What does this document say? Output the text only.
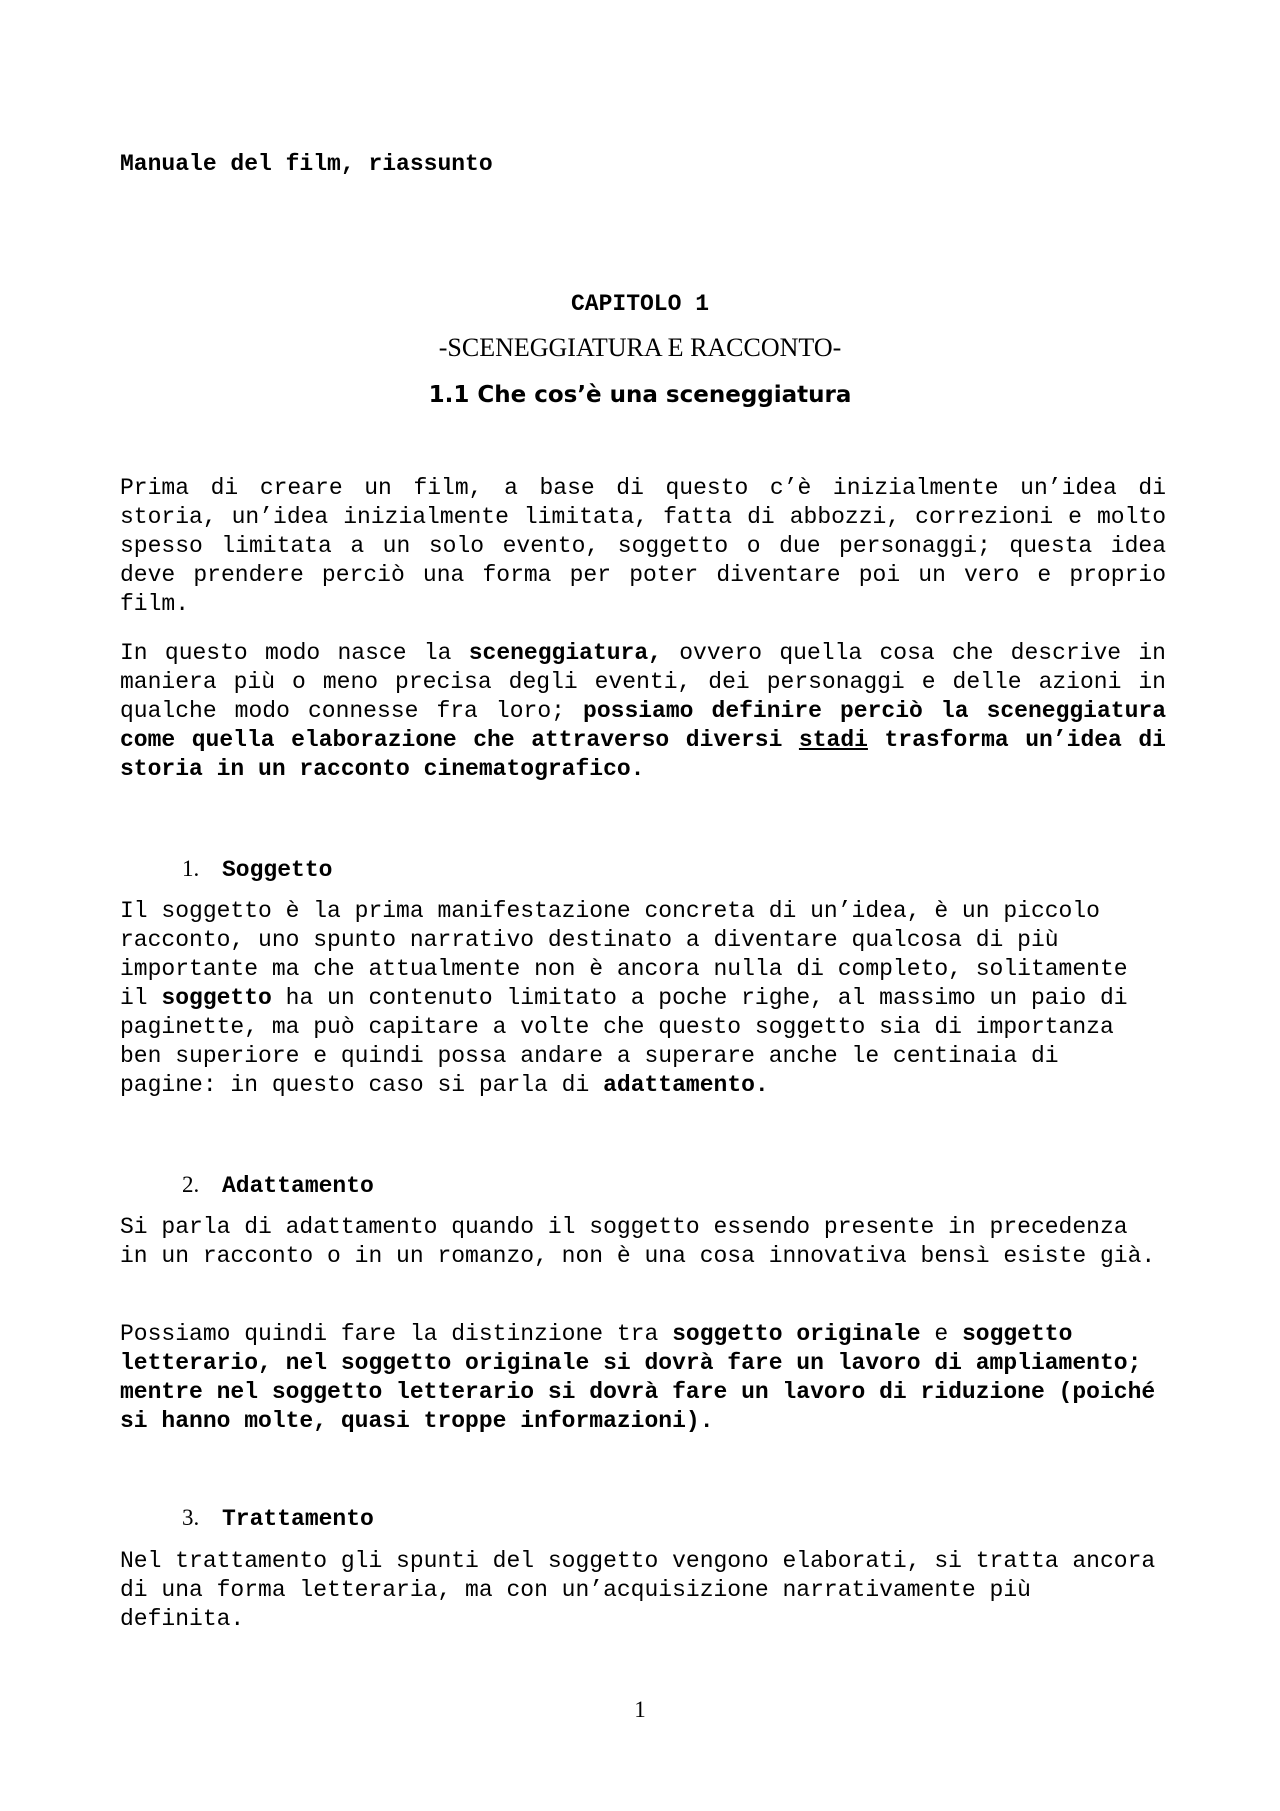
Manuale del film, riassunto

CAPITOLO 1

-SCENEGGIATURA E RACCONTO-

1.1 Che cos’è una sceneggiatura

Prima di creare un film, a base di questo c’è inizialmente un’idea di storia, un’idea inizialmente limitata, fatta di abbozzi, correzioni e molto spesso limitata a un solo evento, soggetto o due personaggi; questa idea deve prendere perciò una forma per poter diventare poi un vero e proprio film.

In questo modo nasce la sceneggiatura, ovvero quella cosa che descrive in maniera più o meno precisa degli eventi, dei personaggi e delle azioni in qualche modo connesse fra loro; possiamo definire perciò la sceneggiatura come quella elaborazione che attraverso diversi stadi trasforma un’idea di storia in un racconto cinematografico.

1. Soggetto

Il soggetto è la prima manifestazione concreta di un’idea, è un piccolo racconto, uno spunto narrativo destinato a diventare qualcosa di più importante ma che attualmente non è ancora nulla di completo, solitamente il soggetto ha un contenuto limitato a poche righe, al massimo un paio di paginette, ma può capitare a volte che questo soggetto sia di importanza ben superiore e quindi possa andare a superare anche le centinaia di pagine: in questo caso si parla di adattamento.

2. Adattamento

Si parla di adattamento quando il soggetto essendo presente in precedenza in un racconto o in un romanzo, non è una cosa innovativa bensì esiste già.

Possiamo quindi fare la distinzione tra soggetto originale e soggetto letterario, nel soggetto originale si dovrà fare un lavoro di ampliamento; mentre nel soggetto letterario si dovrà fare un lavoro di riduzione (poiché si hanno molte, quasi troppe informazioni).

3. Trattamento

Nel trattamento gli spunti del soggetto vengono elaborati, si tratta ancora di una forma letteraria, ma con un’acquisizione narrativamente più definita.

1
